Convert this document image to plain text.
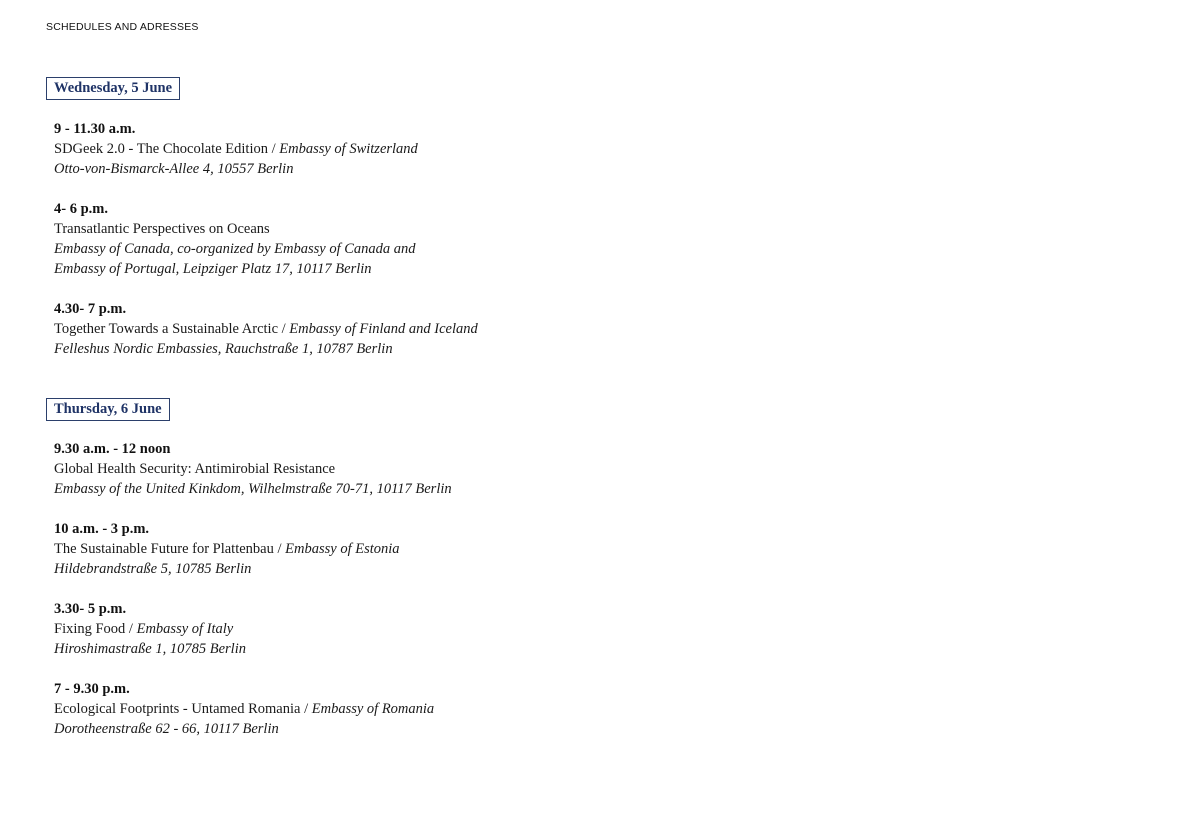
SCHEDULES AND ADRESSES
Wednesday, 5 June
9 - 11.30 a.m.
SDGeek 2.0 - The Chocolate Edition / Embassy of Switzerland
Otto-von-Bismarck-Allee 4, 10557 Berlin
4- 6 p.m.
Transatlantic Perspectives on Oceans
Embassy of Canada, co-organized by Embassy of Canada and
Embassy of Portugal, Leipziger Platz 17, 10117 Berlin
4.30- 7 p.m.
Together Towards a Sustainable Arctic / Embassy of Finland and Iceland
Felleshus Nordic Embassies, Rauchstraße 1, 10787 Berlin
Thursday, 6 June
9.30 a.m. - 12 noon
Global Health Security: Antimirobial Resistance
Embassy of the United Kinkdom, Wilhelmstraße 70-71, 10117 Berlin
10 a.m. - 3 p.m.
The Sustainable Future for Plattenbau / Embassy of Estonia
Hildebrandstraße 5, 10785 Berlin
3.30- 5 p.m.
Fixing Food / Embassy of Italy
Hiroshimastraße 1, 10785 Berlin
7 - 9.30 p.m.
Ecological Footprints - Untamed Romania / Embassy of Romania
Dorotheenstraße 62 - 66, 10117 Berlin
